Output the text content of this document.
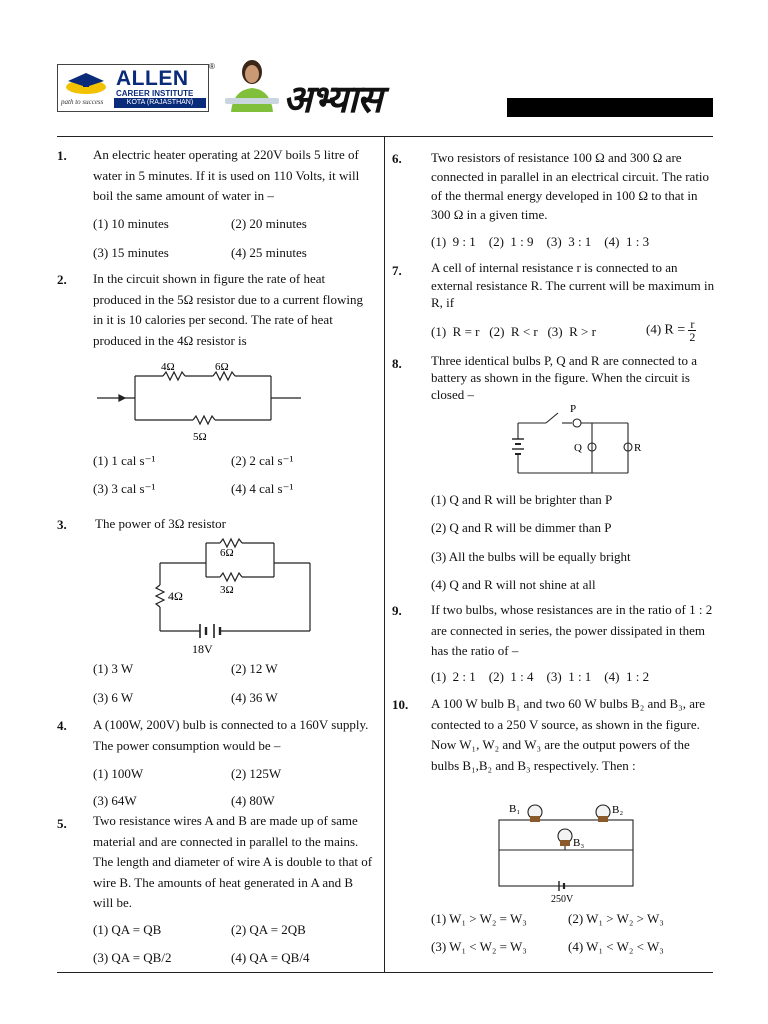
ALLEN
CAREER INSTITUTE
KOTA (RAJASTHAN)
path to success
®
अभ्यास
1. An electric heater operating at 220V boils 5 litre of water in 5 minutes. If it is used on 110 Volts, it will boil the same amount of water in –
(1) 10 minutes	(2) 20 minutes
(3) 15 minutes	(4) 25 minutes
2. In the circuit shown in figure the rate of heat produced in the 5Ω resistor due to a current flowing in it is 10 calories per second. The rate of heat produced in the 4Ω resistor is
4Ω	6Ω
5Ω
(1) 1 cal s⁻¹	(2) 2 cal s⁻¹
(3) 3 cal s⁻¹	(4) 4 cal s⁻¹
3. The power of 3Ω resistor
6Ω
3Ω
4Ω
18V
(1) 3 W	(2) 12 W
(3) 6 W	(4) 36 W
4. A (100W, 200V) bulb is connected to a 160V supply. The power consumption would be –
(1) 100W	(2) 125W
(3) 64W	(4) 80W
5. Two resistance wires A and B are made up of same material and are connected in parallel to the mains. The length and diameter of wire A is double to that of wire B. The amounts of heat generated in A and B will be.
(1) QA = QB	(2) QA = 2QB
(3) QA = QB/2	(4) QA = QB/4
6. Two resistors of resistance 100 Ω and 300 Ω are connected in parallel in an electrical circuit. The ratio of the thermal energy developed in 100 Ω to that in 300 Ω in a given time.
(1)  9 : 1    (2)  1 : 9    (3)  3 : 1    (4)  1 : 3
7. A cell of internal resistance r is connected to an external resistance R. The current will be maximum in R, if
(1)  R = r   (2)  R < r   (3)  R > r	(4) $R = \frac{r}{2}$
8. Three identical bulbs P, Q and R are connected to a battery as shown in the figure. When the circuit is closed –
P
Q	R
(1) Q and R will be brighter than P
(2) Q and R will be dimmer than P
(3) All the bulbs will be equally bright
(4) Q and R will not shine at all
9. If two bulbs, whose resistances are in the ratio of 1 : 2 are connected in series, the power dissipated in them has the ratio of –
(1)  2 : 1    (2)  1 : 4    (3)  1 : 1    (4)  1 : 2
10. A 100 W bulb B₁ and two 60 W bulbs B₂ and B₃, are contected to a 250 V source, as shown in the figure. Now W₁, W₂ and W₃ are the output powers of the bulbs B₁,B₂ and B₃ respectively. Then :
B₁	B₂
B₃
250V
(1) W₁ > W₂ = W₃	(2) W₁ > W₂ > W₃
(3) W₁ < W₂ = W₃	(4) W₁ < W₂ < W₃
